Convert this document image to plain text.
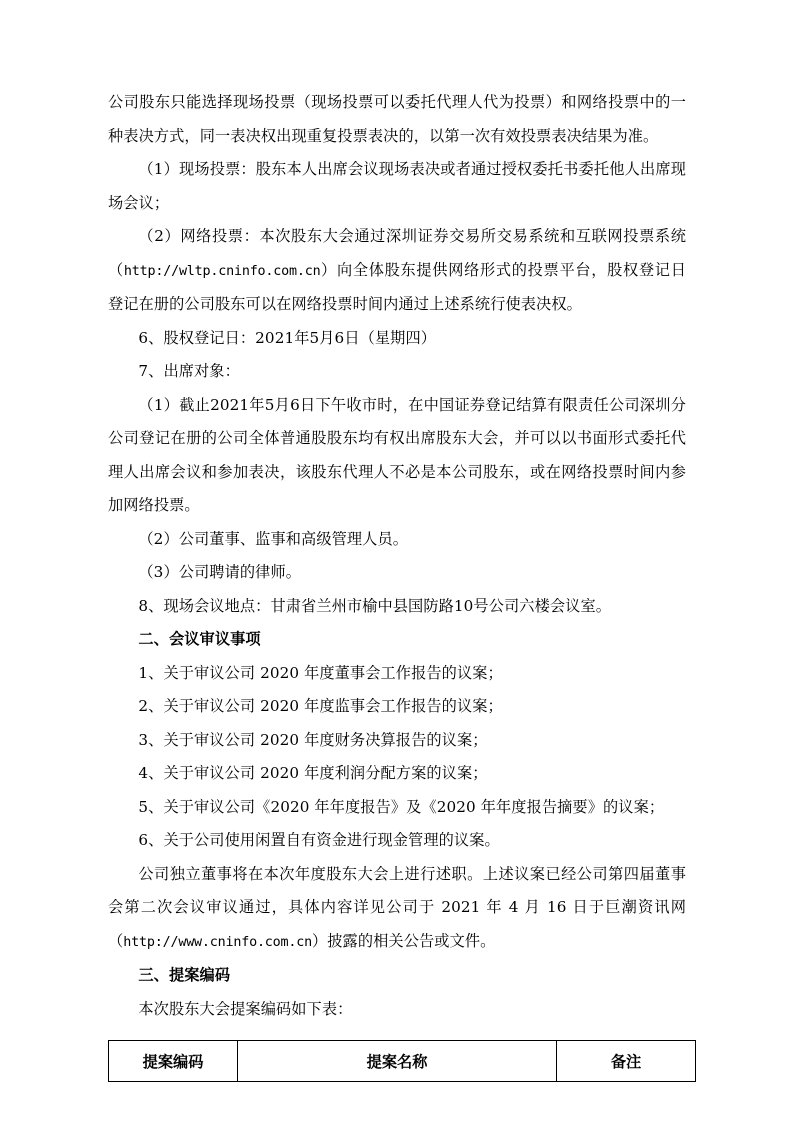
公司股东只能选择现场投票（现场投票可以委托代理人代为投票）和网络投票中的一种表决方式，同一表决权出现重复投票表决的，以第一次有效投票表决结果为准。

（1）现场投票：股东本人出席会议现场表决或者通过授权委托书委托他人出席现场会议；

（2）网络投票：本次股东大会通过深圳证券交易所交易系统和互联网投票系统（http://wltp.cninfo.com.cn）向全体股东提供网络形式的投票平台，股权登记日登记在册的公司股东可以在网络投票时间内通过上述系统行使表决权。

6、股权登记日：2021年5月6日（星期四）

7、出席对象：

（1）截止2021年5月6日下午收市时，在中国证券登记结算有限责任公司深圳分公司登记在册的公司全体普通股股东均有权出席股东大会，并可以以书面形式委托代理人出席会议和参加表决，该股东代理人不必是本公司股东，或在网络投票时间内参加网络投票。

（2）公司董事、监事和高级管理人员。

（3）公司聘请的律师。

8、现场会议地点：甘肃省兰州市榆中县国防路10号公司六楼会议室。

二、会议审议事项

1、关于审议公司 2020 年度董事会工作报告的议案；

2、关于审议公司 2020 年度监事会工作报告的议案；

3、关于审议公司 2020 年度财务决算报告的议案；

4、关于审议公司 2020 年度利润分配方案的议案；

5、关于审议公司《2020 年年度报告》及《2020 年年度报告摘要》的议案；

6、关于公司使用闲置自有资金进行现金管理的议案。

公司独立董事将在本次年度股东大会上进行述职。上述议案已经公司第四届董事会第二次会议审议通过，具体内容详见公司于 2021 年 4 月 16 日于巨潮资讯网（http://www.cninfo.com.cn）披露的相关公告或文件。

三、提案编码

本次股东大会提案编码如下表：

提案编码	提案名称	备注
